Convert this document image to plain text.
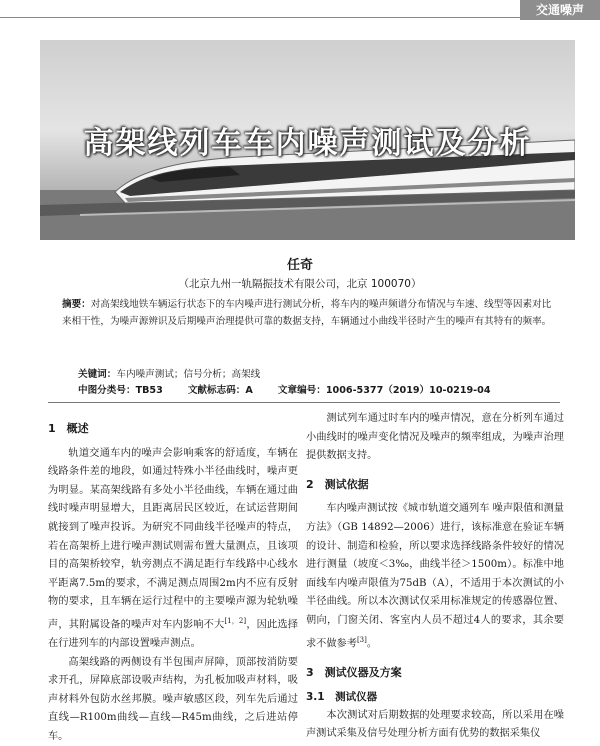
交通噪声
高架线列车车内噪声测试及分析
任奇
（北京九州一轨隔振技术有限公司，北京 100070）
摘要：对高架线地铁车辆运行状态下的车内噪声进行测试分析，将车内的噪声频谱分布情况与车速、线型等因素对比来相干性，为噪声源辨识及后期噪声治理提供可靠的数据支持，车辆通过小曲线半径时产生的噪声有其特有的频率。
关键词：车内噪声测试；信号分析；高架线
中图分类号：TB53	文献标志码：A	文章编号：1006-5377（2019）10-0219-04
1　概述

轨道交通车内的噪声会影响乘客的舒适度，车辆在线路条件差的地段，如通过特殊小半径曲线时，噪声更为明显。某高架线路有多处小半径曲线，车辆在通过曲线时噪声明显增大，且距离居民区较近，在试运营期间就接到了噪声投诉。为研究不同曲线半径噪声的特点，若在高架桥上进行噪声测试则需布置大量测点，且该项目的高架桥较窄，轨旁测点不满足距行车线路中心线水平距离7.5m的要求，不满足测点周围2m内不应有反射物的要求，且车辆在运行过程中的主要噪声源为轮轨噪声，其附属设备的噪声对车内影响不大[1，2]，因此选择在行进列车的内部设置噪声测点。

高架线路的两侧设有半包围声屏障，顶部按消防要求开孔，屏障底部设吸声结构，为孔板加吸声材料，吸声材料外包防水丝邦膜。噪声敏感区段，列车先后通过直线—R100m曲线—直线—R45m曲线，之后进站停车。

测试列车通过时车内的噪声情况，意在分析列车通过小曲线时的噪声变化情况及噪声的频率组成，为噪声治理提供数据支持。

2　测试依据

车内噪声测试按《城市轨道交通列车 噪声限值和测量方法》（GB 14892—2006）进行，该标准意在验证车辆的设计、制造和检验，所以要求选择线路条件较好的情况进行测量（坡度＜3‰，曲线半径＞1500m）。标准中地面线车内噪声限值为75dB（A），不适用于本次测试的小半径曲线。所以本次测试仅采用标准规定的传感器位置、朝向，门窗关闭、客室内人员不超过4人的要求，其余要求不做参考[3]。

3　测试仪器及方案
3.1　测试仪器

本次测试对后期数据的处理要求较高，所以采用在噪声测试采集及信号处理分析方面有优势的数据采集仪
